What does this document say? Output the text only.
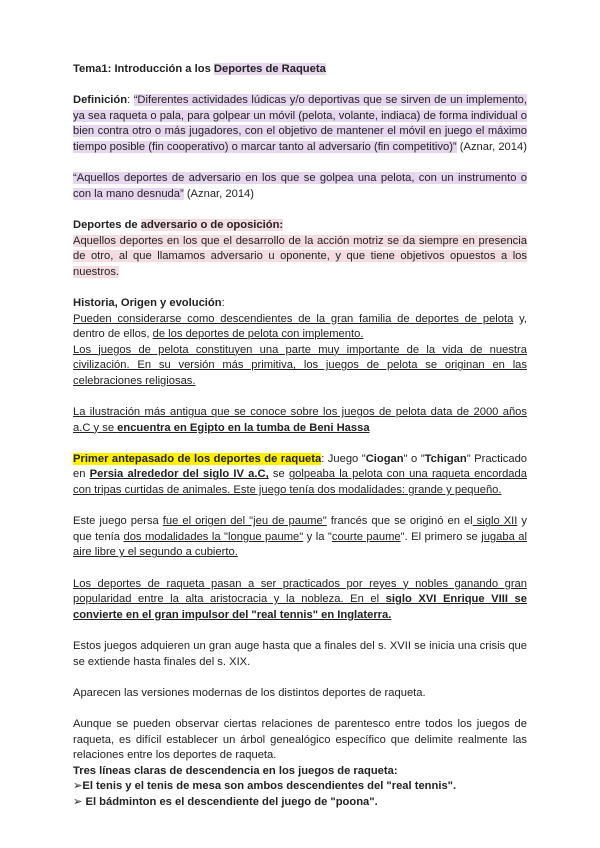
Tema1: Introducción a los Deportes de Raqueta

Definición: “Diferentes actividades lúdicas y/o deportivas que se sirven de un implemento, ya sea raqueta o pala, para golpear un móvil (pelota, volante, indiaca) de forma individual o bien contra otro o más jugadores, con el objetivo de mantener el móvil en juego el máximo tiempo posible (fin cooperativo) o marcar tanto al adversario (fin competitivo)” (Aznar, 2014)

“Aquellos deportes de adversario en los que se golpea una pelota, con un instrumento o con la mano desnuda” (Aznar, 2014)

Deportes de adversario o de oposición:

Aquellos deportes en los que el desarrollo de la acción motriz se da siempre en presencia de otro, al que llamamos adversario u oponente, y que tiene objetivos opuestos a los nuestros.

Historia, Origen y evolución:

Pueden considerarse como descendientes de la gran familia de deportes de pelota y, dentro de ellos, de los deportes de pelota con implemento.

Los juegos de pelota constituyen una parte muy importante de la vida de nuestra civilización. En su versión más primitiva, los juegos de pelota se originan en las celebraciones religiosas.

La ilustración más antigua que se conoce sobre los juegos de pelota data de 2000 años a.C y se encuentra en Egipto en la tumba de Beni Hassa

Primer antepasado de los deportes de raqueta: Juego "Ciogan" o "Tchigan" Practicado en Persia alrededor del siglo IV a.C, se golpeaba la pelota con una raqueta encordada con tripas curtidas de animales. Este juego tenía dos modalidades: grande y pequeño.

Este juego persa fue el origen del "jeu de paume" francés que se originó en el siglo XII y que tenía dos modalidades la "longue paume" y la "courte paume". El primero se jugaba al aire libre y el segundo a cubierto.

Los deportes de raqueta pasan a ser practicados por reyes y nobles ganando gran popularidad entre la alta aristocracia y la nobleza. En el siglo XVI Enrique VIII se convierte en el gran impulsor del "real tennis" en Inglaterra.

Estos juegos adquieren un gran auge hasta que a finales del s. XVII se inicia una crisis que se extiende hasta finales del s. XIX.

Aparecen las versiones modernas de los distintos deportes de raqueta.

Aunque se pueden observar ciertas relaciones de parentesco entre todos los juegos de raqueta, es difícil establecer un árbol genealógico específico que delimite realmente las relaciones entre los deportes de raqueta.

Tres líneas claras de descendencia en los juegos de raqueta:

➢El tenis y el tenis de mesa son ambos descendientes del "real tennis".

➢ El bádminton es el descendiente del juego de "poona".
